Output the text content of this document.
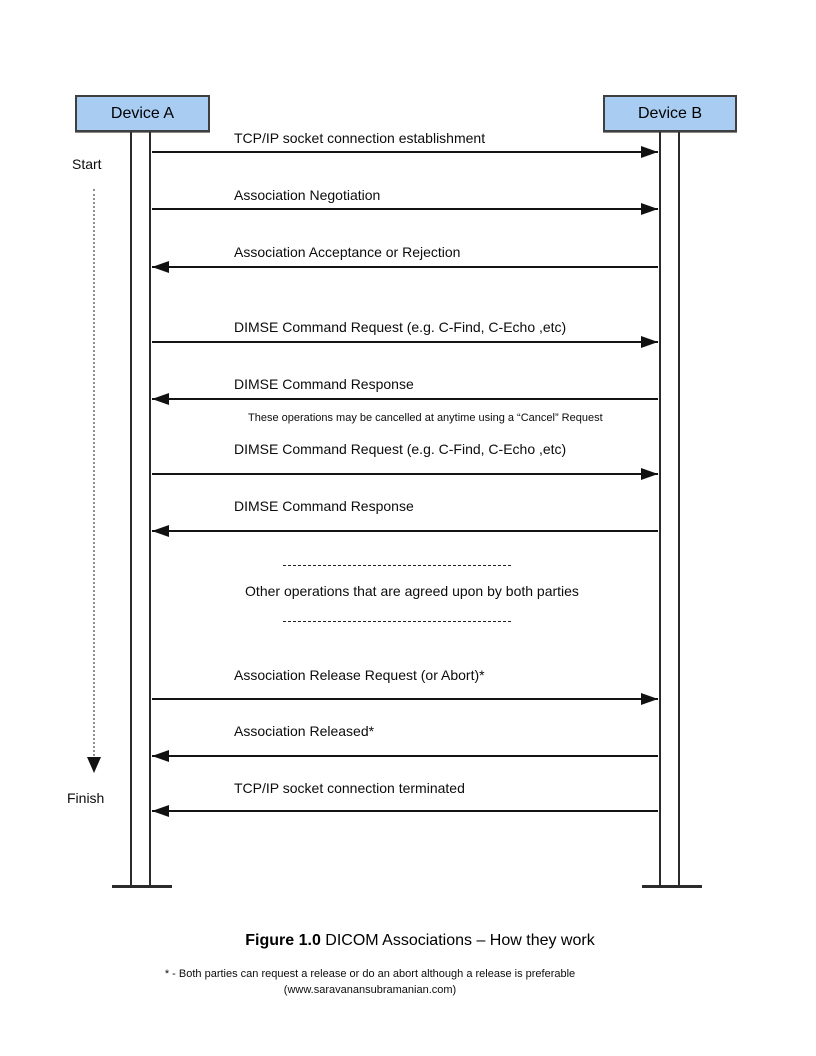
Device A	Device B
Start
Finish
TCP/IP socket connection establishment
Association Negotiation
Association Acceptance or Rejection
DIMSE Command Request (e.g. C-Find, C-Echo ,etc)
DIMSE Command Response
These operations may be cancelled at anytime using a “Cancel” Request
DIMSE Command Request (e.g. C-Find, C-Echo ,etc)
DIMSE Command Response
Other operations that are agreed upon by both parties
Association Release Request (or Abort)*
Association Released*
TCP/IP socket connection terminated
Figure 1.0 DICOM Associations – How they work
* - Both parties can request a release or do an abort although a release is preferable
(www.saravanansubramanian.com)
